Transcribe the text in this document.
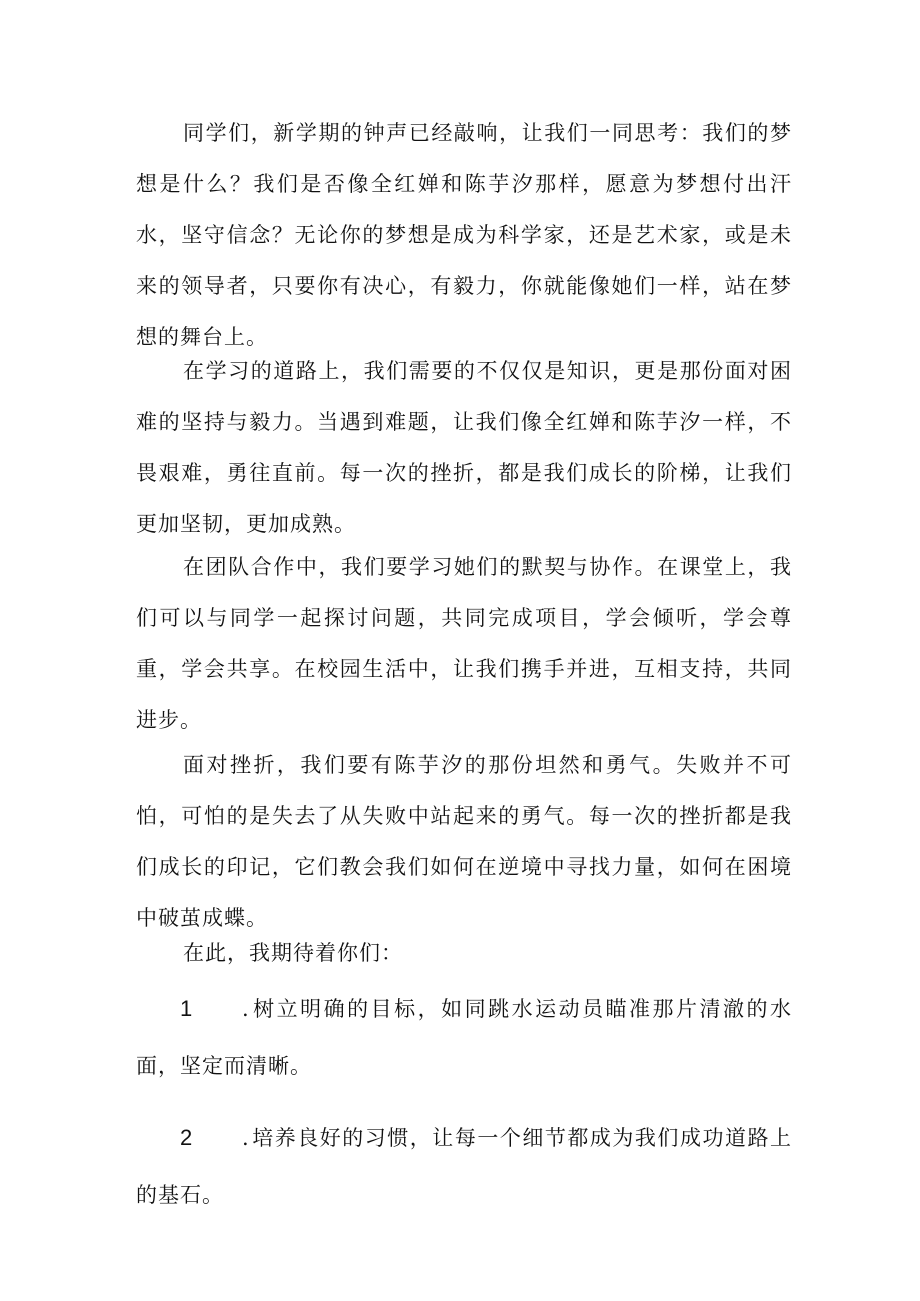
同学们，新学期的钟声已经敲响，让我们一同思考：我们的梦想是什么？我们是否像全红婵和陈芋汐那样，愿意为梦想付出汗水，坚守信念？无论你的梦想是成为科学家，还是艺术家，或是未来的领导者，只要你有决心，有毅力，你就能像她们一样，站在梦想的舞台上。

在学习的道路上，我们需要的不仅仅是知识，更是那份面对困难的坚持与毅力。当遇到难题，让我们像全红婵和陈芋汐一样，不畏艰难，勇往直前。每一次的挫折，都是我们成长的阶梯，让我们更加坚韧，更加成熟。

在团队合作中，我们要学习她们的默契与协作。在课堂上，我们可以与同学一起探讨问题，共同完成项目，学会倾听，学会尊重，学会共享。在校园生活中，让我们携手并进，互相支持，共同进步。

面对挫折，我们要有陈芋汐的那份坦然和勇气。失败并不可怕，可怕的是失去了从失败中站起来的勇气。每一次的挫折都是我们成长的印记，它们教会我们如何在逆境中寻找力量，如何在困境中破茧成蝶。

在此，我期待着你们：

1 .树立明确的目标，如同跳水运动员瞄准那片清澈的水面，坚定而清晰。

2 .培养良好的习惯，让每一个细节都成为我们成功道路上的基石。
